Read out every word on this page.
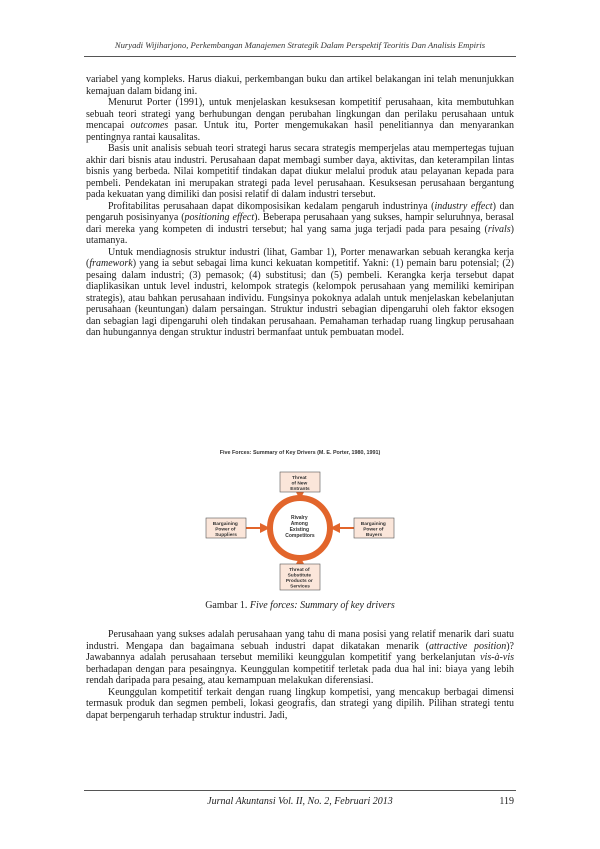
Nuryadi Wijiharjono, Perkembangan Manajemen Strategik Dalam Perspektif Teoritis Dan Analisis Empiris

variabel yang kompleks. Harus diakui, perkembangan buku dan artikel belakangan ini telah menunjukkan kemajuan dalam bidang ini.

Menurut Porter (1991), untuk menjelaskan kesuksesan kompetitif perusahaan, kita membutuhkan sebuah teori strategi yang berhubungan dengan perubahan lingkungan dan perilaku perusahaan untuk mencapai outcomes pasar. Untuk itu, Porter mengemukakan hasil penelitiannya dan menyarankan pentingnya rantai kausalitas.

Basis unit analisis sebuah teori strategi harus secara strategis memperjelas atau mempertegas tujuan akhir dari bisnis atau industri. Perusahaan dapat membagi sumber daya, aktivitas, dan keterampilan lintas bisnis yang berbeda. Nilai kompetitif tindakan dapat diukur melalui produk atau pelayanan kepada para pembeli. Pendekatan ini merupakan strategi pada level perusahaan. Kesuksesan perusahaan bergantung pada kekuatan yang dimiliki dan posisi relatif di dalam industri tersebut.

Profitabilitas perusahaan dapat dikomposisikan kedalam pengaruh industrinya (industry effect) dan pengaruh posisinyanya (positioning effect). Beberapa perusahaan yang sukses, hampir seluruhnya, berasal dari mereka yang kompeten di industri tersebut; hal yang sama juga terjadi pada para pesaing (rivals) utamanya.

Untuk mendiagnosis struktur industri (lihat, Gambar 1), Porter menawarkan sebuah kerangka kerja (framework) yang ia sebut sebagai lima kunci kekuatan kompetitif. Yakni: (1) pemain baru potensial; (2) pesaing dalam industri; (3) pemasok; (4) substitusi; dan (5) pembeli. Kerangka kerja tersebut dapat diaplikasikan untuk level industri, kelompok strategis (kelompok perusahaan yang memiliki kemiripan strategis), atau bahkan perusahaan individu. Fungsinya pokoknya adalah untuk menjelaskan kebelanjutan perusahaan (keuntungan) dalam persaingan. Struktur industri sebagian dipengaruhi oleh faktor eksogen dan sebagian lagi dipengaruhi oleh tindakan perusahaan. Pemahaman terhadap ruang lingkup perusahaan dan hubungannya dengan struktur industri bermanfaat untuk pembuatan model.

Five Forces: Summary of Key Drivers (M. E. Porter, 1980, 1991)
Threat of New Entrants
Bargaining Power of Suppliers
Bargaining Power of Buyers
Threat of Substitute Products or Services
Rivalry Among Existing Competitors
Gambar 1. Five forces: Summary of key drivers

Perusahaan yang sukses adalah perusahaan yang tahu di mana posisi yang relatif menarik dari suatu industri. Mengapa dan bagaimana sebuah industri dapat dikatakan menarik (attractive position)? Jawabannya adalah perusahaan tersebut memiliki keunggulan kompetitif yang berkelanjutan vis-à-vis berhadapan dengan para pesaingnya. Keunggulan kompetitif terletak pada dua hal ini: biaya yang lebih rendah daripada para pesaing, atau kemampuan melakukan diferensiasi.

Keunggulan kompetitif terkait dengan ruang lingkup kompetisi, yang mencakup berbagai dimensi termasuk produk dan segmen pembeli, lokasi geografis, dan strategi yang dipilih. Pilihan strategi tentu dapat berpengaruh terhadap struktur industri. Jadi,

Jurnal Akuntansi Vol. II, No. 2, Februari 2013	119
